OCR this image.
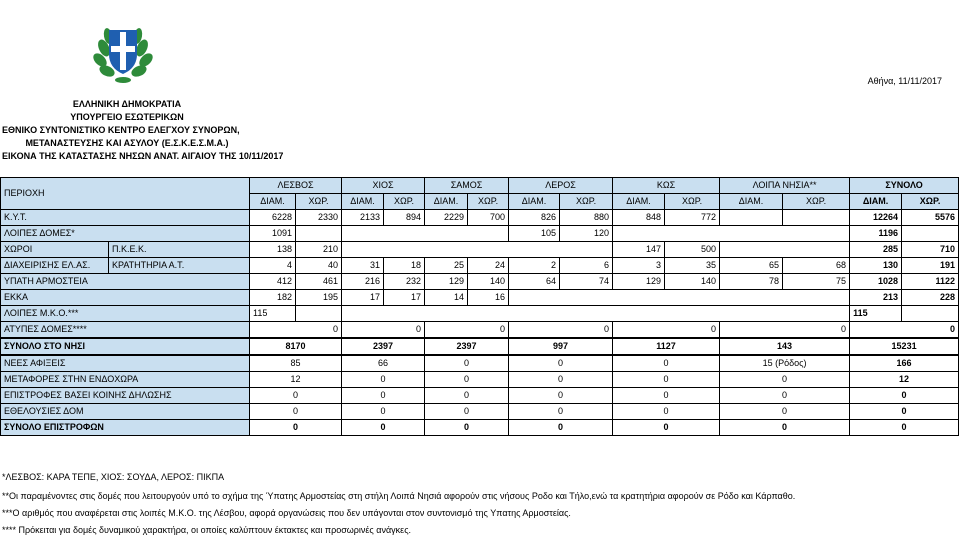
Αθήνα, 11/11/2017
ΕΛΛΗΝΙΚΗ ΔΗΜΟΚΡΑΤΙΑ
ΥΠΟΥΡΓΕΙΟ ΕΣΩΤΕΡΙΚΩΝ
ΕΘΝΙΚΟ ΣΥΝΤΟΝΙΣΤΙΚΟ ΚΕΝΤΡΟ ΕΛΕΓΧΟΥ ΣΥΝΟΡΩΝ,
ΜΕΤΑΝΑΣΤΕΥΣΗΣ ΚΑΙ ΑΣΥΛΟΥ (Ε.Σ.Κ.Ε.Σ.Μ.Α.)
ΕΙΚΟΝΑ ΤΗΣ ΚΑΤΑΣΤΑΣΗΣ ΝΗΣΩΝ ΑΝΑΤ. ΑΙΓΑΙΟΥ ΤΗΣ 10/11/2017
ΠΕΡΙΟΧΗ		ΛΕΣΒΟΣ		ΧΙΟΣ		ΣΑΜΟΣ		ΛΕΡΟΣ		ΚΩΣ		ΛΟΙΠΑ ΝΗΣΙΑ**		ΣΥΝΟΛΟ	
		ΔΙΑΜ.	ΧΩΡ.	ΔΙΑΜ.	ΧΩΡ.	ΔΙΑΜ.	ΧΩΡ.	ΔΙΑΜ.	ΧΩΡ.	ΔΙΑΜ.	ΧΩΡ.	ΔΙΑΜ.	ΧΩΡ.	ΔΙΑΜ.	ΧΩΡ.
Κ.Υ.Τ.		6228	2330	2133	894	2229	700	826	880	848	772			12264	5576
ΛΟΙΠΕΣ ΔΟΜΕΣ*		1091						105	120					1196	
ΧΩΡΟΙ	Π.Κ.Ε.Κ.	138	210							147	500			285	710
ΔΙΑΧΕΙΡΙΣΗΣ ΕΛ.ΑΣ.	ΚΡΑΤΗΤΗΡΙΑ Α.Τ.	4	40	31	18	25	24	2	6	3	35	65	68	130	191
ΥΠΑΤΗ ΑΡΜΟΣΤΕΙΑ		412	461	216	232	129	140	64	74	129	140	78	75	1028	1122
ΕΚΚΑ		182	195	17	17	14	16							213	228
ΛΟΙΠΕΣ Μ.Κ.Ο.***		115												115	
ΑΤΥΠΕΣ ΔΟΜΕΣ****		0		0		0		0		0		0		0	
ΣΥΝΟΛΟ ΣΤΟ ΝΗΣΙ		8170		2397		2397		997		1127		143		15231	
ΝΕΕΣ ΑΦΙΞΕΙΣ		85		66		0		0		0		15 (Ρόδος)		166	
ΜΕΤΑΦΟΡΕΣ ΣΤΗΝ ΕΝΔΟΧΩΡΑ		12		0		0		0		0		0		12	
ΕΠΙΣΤΡΟΦΕΣ ΒΑΣΕΙ ΚΟΙΝΗΣ ΔΗΛΩΣΗΣ		0		0		0		0		0		0		0	
ΕΘΕΛΟΥΣΙΕΣ ΔΟΜ		0		0		0		0		0		0		0	
ΣΥΝΟΛΟ ΕΠΙΣΤΡΟΦΩΝ		0		0		0		0		0		0		0	
*ΛΕΣΒΟΣ: ΚΑΡΑ ΤΕΠΕ, ΧΙΟΣ: ΣΟΥΔΑ, ΛΕΡΟΣ: ΠΙΚΠΑ
**Οι παραμένοντες στις δομές που λειτουργούν υπό το σχήμα της Ύπατης Αρμοστείας στη στήλη Λοιπά Νησιά αφορούν στις νήσους Ροδο και Τήλο,ενώ τα κρατητήρια αφορούν σε Ρόδο και Κάρπαθο.
***Ο αριθμός που αναφέρεται στις λοιπές Μ.Κ.Ο. της Λέσβου, αφορά οργανώσεις που δεν υπάγονται στον συντονισμό της Υπατης Αρμοστείας.
**** Πρόκειται για δομές δυναμικού χαρακτήρα, οι οποίες καλύπτουν έκτακτες και προσωρινές ανάγκες.
